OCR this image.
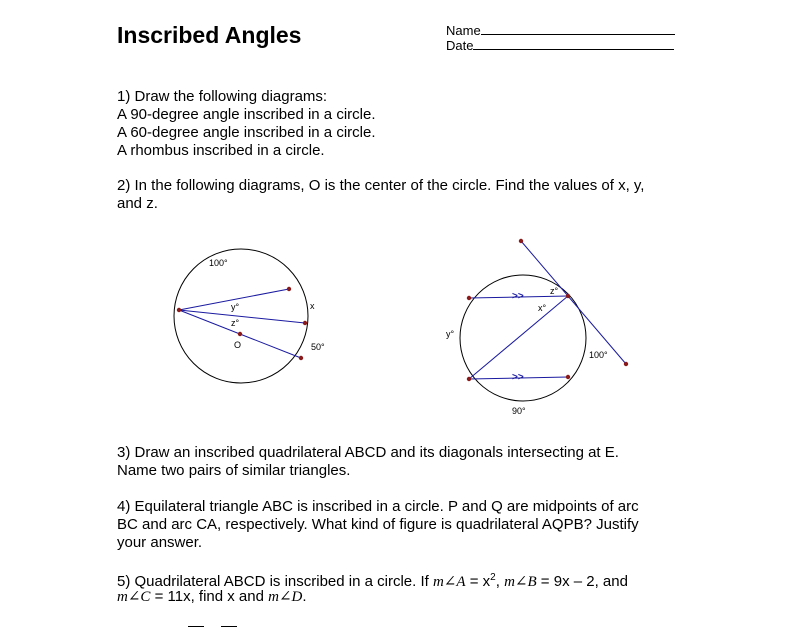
Inscribed Angles	Name
Date
1) Draw the following diagrams:
A 90-degree angle inscribed in a circle.
A 60-degree angle inscribed in a circle.
A rhombus inscribed in a circle.
2) In the following diagrams, O is the center of the circle. Find the values of x, y,
and z.
100°
x
y°
z°
O	50°
z°
x°
y°
100°
90°
>>
>>
3) Draw an inscribed quadrilateral ABCD and its diagonals intersecting at E.
Name two pairs of similar triangles.
4) Equilateral triangle ABC is inscribed in a circle. P and Q are midpoints of arc
BC and arc CA, respectively. What kind of figure is quadrilateral AQPB? Justify
your answer.
5) Quadrilateral ABCD is inscribed in a circle. If m∠A = $x^2$, m∠B = 9x – 2, and
m∠C = 11x, find x and m∠D.
